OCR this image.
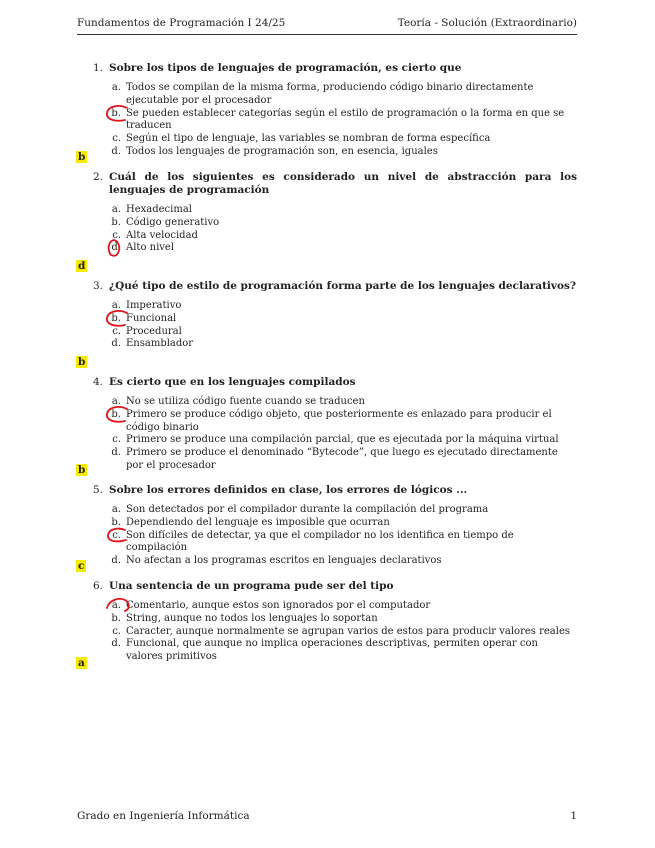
Fundamentos de Programación I 24/25	Teoría - Solución (Extraordinario)
1. Sobre los tipos de lenguajes de programación, es cierto que
a. Todos se compilan de la misma forma, produciendo código binario directamente ejecutable por el procesador
b. Se pueden establecer categorías según el estilo de programación o la forma en que se traducen
c. Según el tipo de lenguaje, las variables se nombran de forma específica
d. Todos los lenguajes de programación son, en esencia, iguales
b
2. Cuál de los siguientes es considerado un nivel de abstracción para los lenguajes de programación
a. Hexadecimal
b. Código generativo
c. Alta velocidad
d. Alto nivel
d
3. ¿Qué tipo de estilo de programación forma parte de los lenguajes declarativos?
a. Imperativo
b. Funcional
c. Procedural
d. Ensamblador
b
4. Es cierto que en los lenguajes compilados
a. No se utiliza código fuente cuando se traducen
b. Primero se produce código objeto, que posteriormente es enlazado para producir el código binario
c. Primero se produce una compilación parcial, que es ejecutada por la máquina virtual
d. Primero se produce el denominado “Bytecode”, que luego es ejecutado directamente por el procesador
b
5. Sobre los errores definidos en clase, los errores de lógicos ...
a. Son detectados por el compilador durante la compilación del programa
b. Dependiendo del lenguaje es imposible que ocurran
c. Son difíciles de detectar, ya que el compilador no los identifica en tiempo de compilación
d. No afectan a los programas escritos en lenguajes declarativos
c
6. Una sentencia de un programa pude ser del tipo
a. Comentario, aunque estos son ignorados por el computador
b. String, aunque no todos los lenguajes lo soportan
c. Caracter, aunque normalmente se agrupan varios de estos para producir valores reales
d. Funcional, que aunque no implica operaciones descriptivas, permiten operar con valores primitivos
a
Grado en Ingeniería Informática	1
